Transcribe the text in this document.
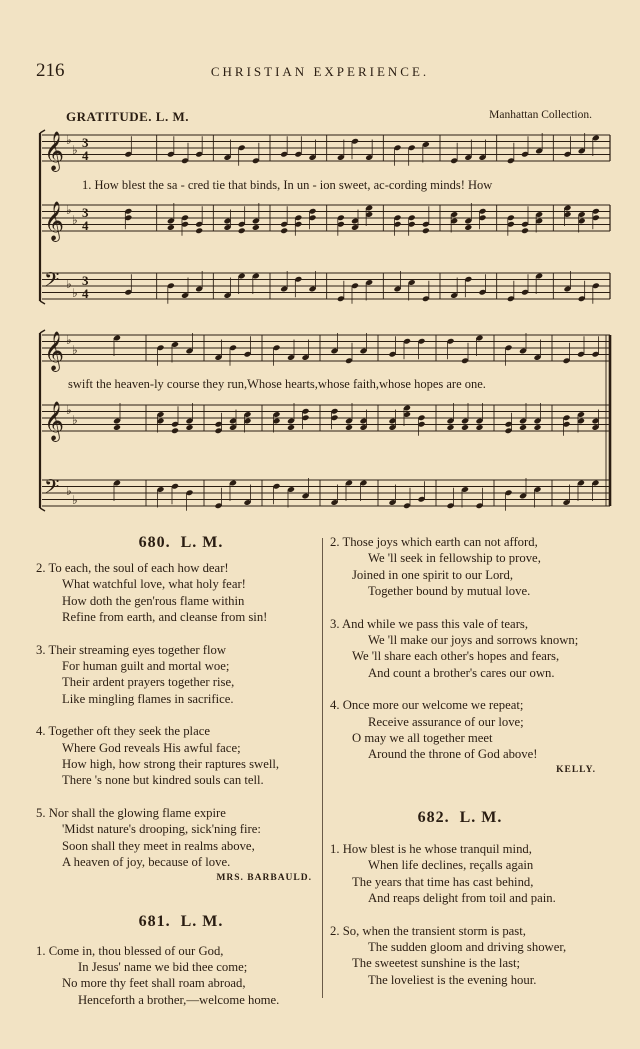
216	CHRISTIAN EXPERIENCE.
GRATITUDE. L. M.	Manhattan Collection.
𝄞 ♭
♭ 3
4
𝄞 ♭
♭ 3
4
𝄢 ♭
♭
3
4
𝄞 ♭
♭
𝄞 ♭
♭
𝄢 ♭
♭
1. How blest the sa - cred tie that binds, In un - ion sweet, ac-cording minds! How
swift the heaven-ly course they run,Whose hearts,whose faith,whose hopes are one.
680. L. M.

2. To each, the soul of each how dear!
What watchful love, what holy fear!
How doth the gen'rous flame within
Refine from earth, and cleanse from sin!

3. Their streaming eyes together flow
For human guilt and mortal woe;
Their ardent prayers together rise,
Like mingling flames in sacrifice.

4. Together oft they seek the place
Where God reveals His awful face;
How high, how strong their raptures swell,
There 's none but kindred souls can tell.

5. Nor shall the glowing flame expire
'Midst nature's drooping, sick'ning fire:
Soon shall they meet in realms above,
A heaven of joy, because of love.

MRS. BARBAULD.
681. L. M.

1. Come in, thou blessed of our God,
In Jesus' name we bid thee come;
No more thy feet shall roam abroad,
Henceforth a brother,—welcome home.

2. Those joys which earth can not afford,
We 'll seek in fellowship to prove,
Joined in one spirit to our Lord,
Together bound by mutual love.

3. And while we pass this vale of tears,
We 'll make our joys and sorrows known;
We 'll share each other's hopes and fears,
And count a brother's cares our own.

4. Once more our welcome we repeat;
Receive assurance of our love;
O may we all together meet
Around the throne of God above!

KELLY.
682. L. M.

1. How blest is he whose tranquil mind,
When life declines, reçalls again
The years that time has cast behind,
And reaps delight from toil and pain.

2. So, when the transient storm is past,
The sudden gloom and driving shower,
The sweetest sunshine is the last;
The loveliest is the evening hour.
